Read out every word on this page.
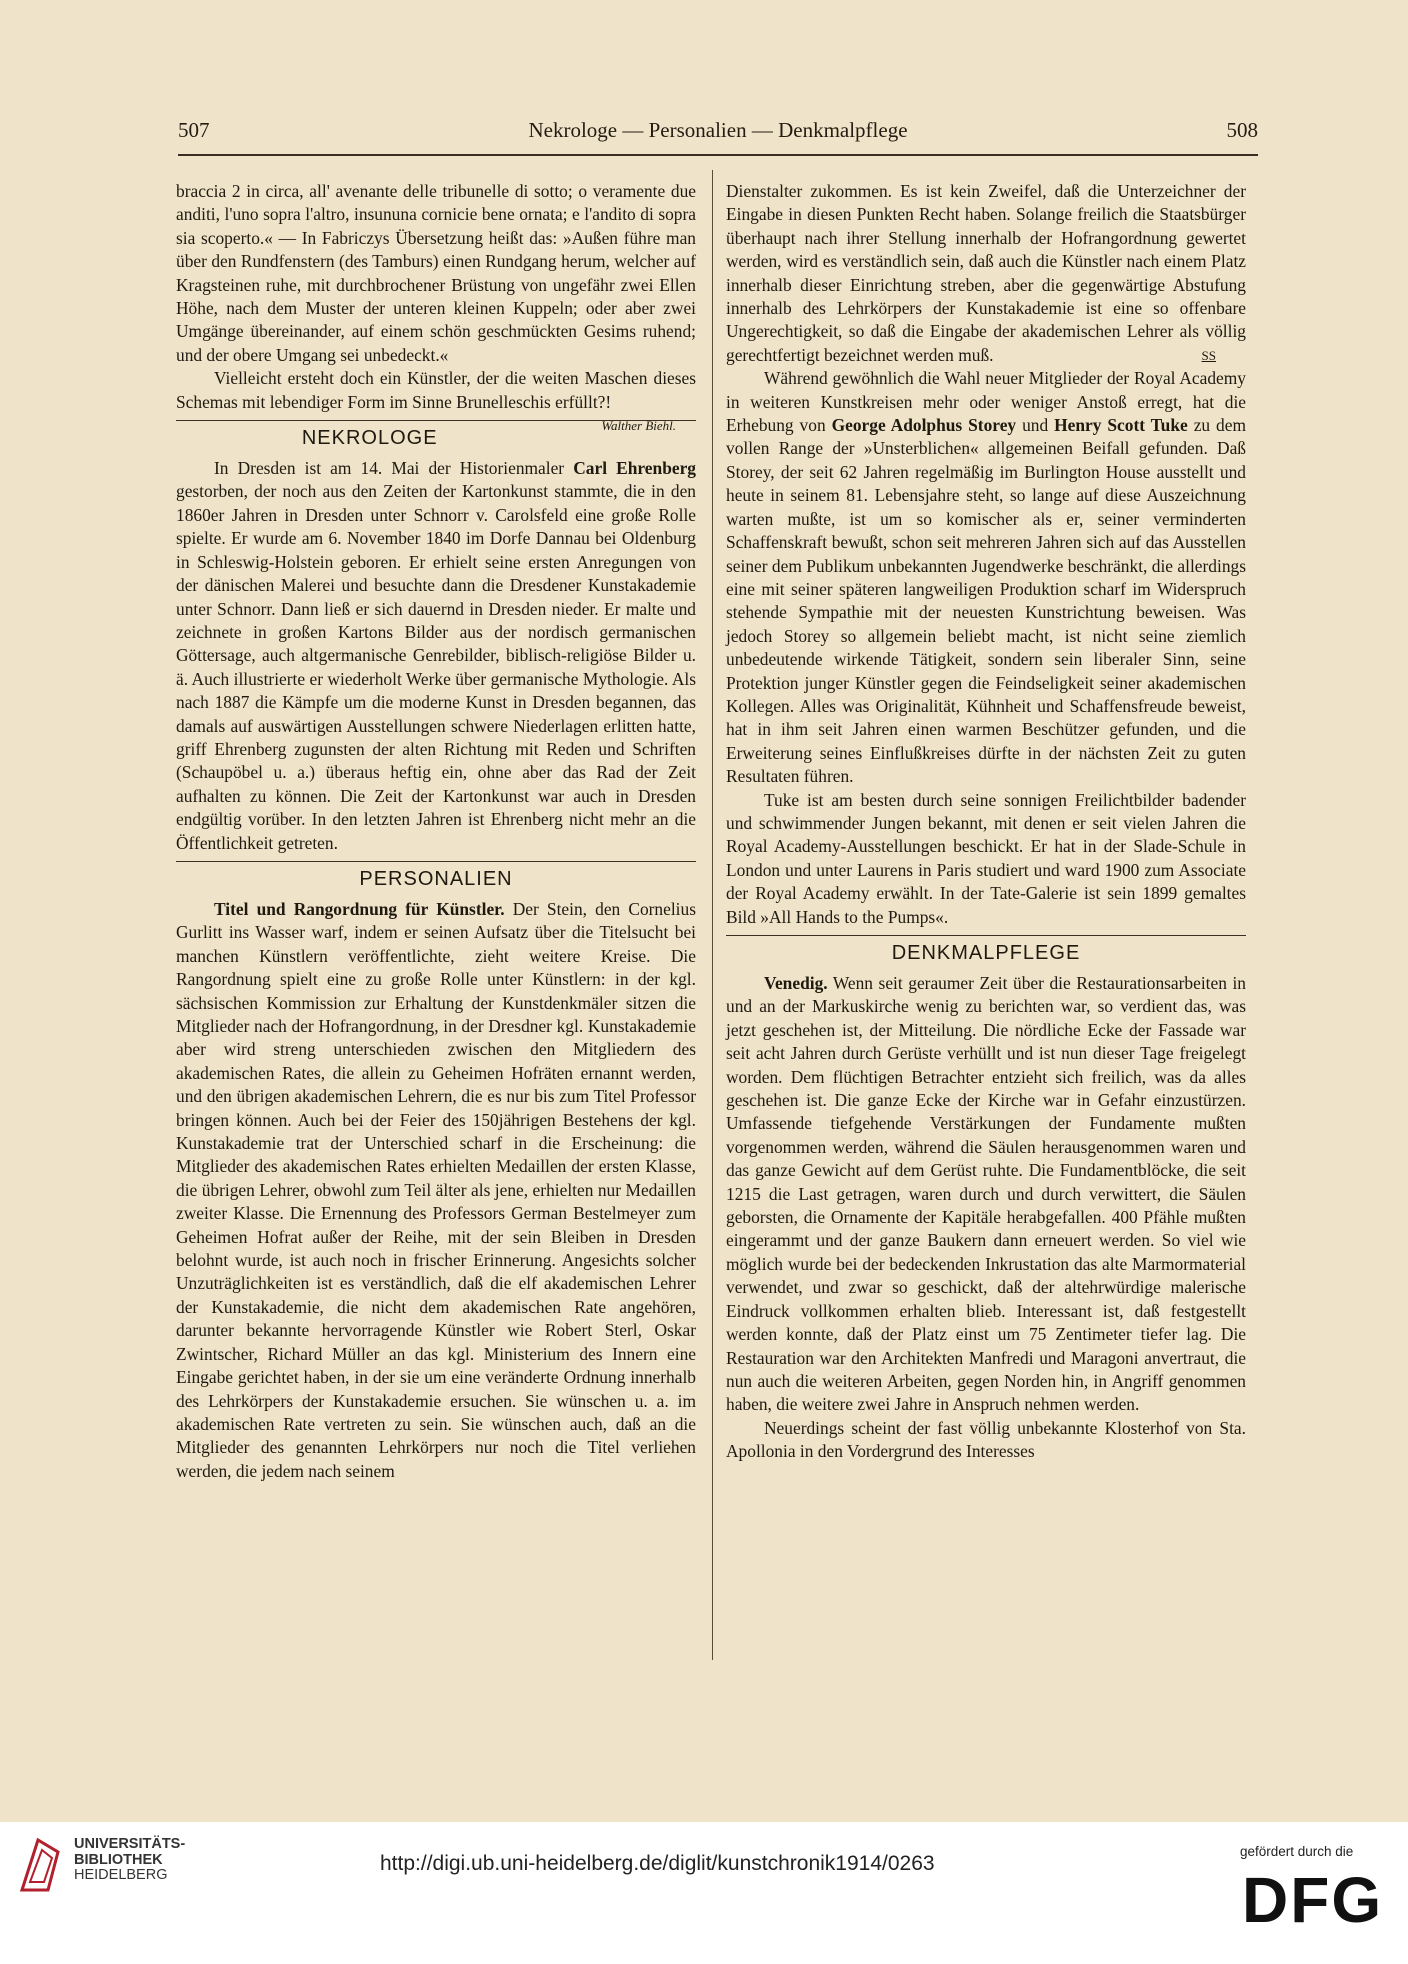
507	Nekrologe — Personalien — Denkmalpflege	508

braccia 2 in circa, all' avenante delle tribunelle di sotto; o veramente due anditi, l'uno sopra l'altro, insununa cornicie bene ornata; e l'andito di sopra sia scoperto.« — In Fabriczys Übersetzung heißt das: »Außen führe man über den Rundfenstern (des Tamburs) einen Rundgang herum, welcher auf Kragsteinen ruhe, mit durchbrochener Brüstung von ungefähr zwei Ellen Höhe, nach dem Muster der unteren kleinen Kuppeln; oder aber zwei Umgänge übereinander, auf einem schön geschmückten Gesims ruhend; und der obere Umgang sei unbedeckt.«

Vielleicht ersteht doch ein Künstler, der die weiten Maschen dieses Schemas mit lebendiger Form im Sinne Brunelleschis erfüllt?!
Walther Biehl.

NEKROLOGE

In Dresden ist am 14. Mai der Historienmaler Carl Ehrenberg gestorben, der noch aus den Zeiten der Kartonkunst stammte, die in den 1860er Jahren in Dresden unter Schnorr v. Carolsfeld eine große Rolle spielte. Er wurde am 6. November 1840 im Dorfe Dannau bei Oldenburg in Schleswig-Holstein geboren. Er erhielt seine ersten Anregungen von der dänischen Malerei und besuchte dann die Dresdener Kunstakademie unter Schnorr. Dann ließ er sich dauernd in Dresden nieder. Er malte und zeichnete in großen Kartons Bilder aus der nordisch germanischen Göttersage, auch altgermanische Genrebilder, biblisch-religiöse Bilder u. ä. Auch illustrierte er wiederholt Werke über germanische Mythologie. Als nach 1887 die Kämpfe um die moderne Kunst in Dresden begannen, das damals auf auswärtigen Ausstellungen schwere Niederlagen erlitten hatte, griff Ehrenberg zugunsten der alten Richtung mit Reden und Schriften (Schaupöbel u. a.) überaus heftig ein, ohne aber das Rad der Zeit aufhalten zu können. Die Zeit der Kartonkunst war auch in Dresden endgültig vorüber. In den letzten Jahren ist Ehrenberg nicht mehr an die Öffentlichkeit getreten.

PERSONALIEN

Titel und Rangordnung für Künstler. Der Stein, den Cornelius Gurlitt ins Wasser warf, indem er seinen Aufsatz über die Titelsucht bei manchen Künstlern veröffentlichte, zieht weitere Kreise. Die Rangordnung spielt eine zu große Rolle unter Künstlern: in der kgl. sächsischen Kommission zur Erhaltung der Kunstdenkmäler sitzen die Mitglieder nach der Hofrangordnung, in der Dresdner kgl. Kunstakademie aber wird streng unterschieden zwischen den Mitgliedern des akademischen Rates, die allein zu Geheimen Hofräten ernannt werden, und den übrigen akademischen Lehrern, die es nur bis zum Titel Professor bringen können. Auch bei der Feier des 150jährigen Bestehens der kgl. Kunstakademie trat der Unterschied scharf in die Erscheinung: die Mitglieder des akademischen Rates erhielten Medaillen der ersten Klasse, die übrigen Lehrer, obwohl zum Teil älter als jene, erhielten nur Medaillen zweiter Klasse. Die Ernennung des Professors German Bestelmeyer zum Geheimen Hofrat außer der Reihe, mit der sein Bleiben in Dresden belohnt wurde, ist auch noch in frischer Erinnerung. Angesichts solcher Unzuträglichkeiten ist es verständlich, daß die elf akademischen Lehrer der Kunstakademie, die nicht dem akademischen Rate angehören, darunter bekannte hervorragende Künstler wie Robert Sterl, Oskar Zwintscher, Richard Müller an das kgl. Ministerium des Innern eine Eingabe gerichtet haben, in der sie um eine veränderte Ordnung innerhalb des Lehrkörpers der Kunstakademie ersuchen. Sie wünschen u. a. im akademischen Rate vertreten zu sein. Sie wünschen auch, daß an die Mitglieder des genannten Lehrkörpers nur noch die Titel verliehen werden, die jedem nach seinem

Dienstalter zukommen. Es ist kein Zweifel, daß die Unterzeichner der Eingabe in diesen Punkten Recht haben. Solange freilich die Staatsbürger überhaupt nach ihrer Stellung innerhalb der Hofrangordnung gewertet werden, wird es verständlich sein, daß auch die Künstler nach einem Platz innerhalb dieser Einrichtung streben, aber die gegenwärtige Abstufung innerhalb des Lehrkörpers der Kunstakademie ist eine so offenbare Ungerechtigkeit, so daß die Eingabe der akademischen Lehrer als völlig gerechtfertigt bezeichnet werden muß.	SS

Während gewöhnlich die Wahl neuer Mitglieder der Royal Academy in weiteren Kunstkreisen mehr oder weniger Anstoß erregt, hat die Erhebung von George Adolphus Storey und Henry Scott Tuke zu dem vollen Range der »Unsterblichen« allgemeinen Beifall gefunden. Daß Storey, der seit 62 Jahren regelmäßig im Burlington House ausstellt und heute in seinem 81. Lebensjahre steht, so lange auf diese Auszeichnung warten mußte, ist um so komischer als er, seiner verminderten Schaffenskraft bewußt, schon seit mehreren Jahren sich auf das Ausstellen seiner dem Publikum unbekannten Jugendwerke beschränkt, die allerdings eine mit seiner späteren langweiligen Produktion scharf im Widerspruch stehende Sympathie mit der neuesten Kunstrichtung beweisen. Was jedoch Storey so allgemein beliebt macht, ist nicht seine ziemlich unbedeutende wirkende Tätigkeit, sondern sein liberaler Sinn, seine Protektion junger Künstler gegen die Feindseligkeit seiner akademischen Kollegen. Alles was Originalität, Kühnheit und Schaffensfreude beweist, hat in ihm seit Jahren einen warmen Beschützer gefunden, und die Erweiterung seines Einflußkreises dürfte in der nächsten Zeit zu guten Resultaten führen.

Tuke ist am besten durch seine sonnigen Freilichtbilder badender und schwimmender Jungen bekannt, mit denen er seit vielen Jahren die Royal Academy-Ausstellungen beschickt. Er hat in der Slade-Schule in London und unter Laurens in Paris studiert und ward 1900 zum Associate der Royal Academy erwählt. In der Tate-Galerie ist sein 1899 gemaltes Bild »All Hands to the Pumps«.

DENKMALPFLEGE

Venedig. Wenn seit geraumer Zeit über die Restaurationsarbeiten in und an der Markuskirche wenig zu berichten war, so verdient das, was jetzt geschehen ist, der Mitteilung. Die nördliche Ecke der Fassade war seit acht Jahren durch Gerüste verhüllt und ist nun dieser Tage freigelegt worden. Dem flüchtigen Betrachter entzieht sich freilich, was da alles geschehen ist. Die ganze Ecke der Kirche war in Gefahr einzustürzen. Umfassende tiefgehende Verstärkungen der Fundamente mußten vorgenommen werden, während die Säulen herausgenommen waren und das ganze Gewicht auf dem Gerüst ruhte. Die Fundamentblöcke, die seit 1215 die Last getragen, waren durch und durch verwittert, die Säulen geborsten, die Ornamente der Kapitäle herabgefallen. 400 Pfähle mußten eingerammt und der ganze Baukern dann erneuert werden. So viel wie möglich wurde bei der bedeckenden Inkrustation das alte Marmormaterial verwendet, und zwar so geschickt, daß der altehrwürdige malerische Eindruck vollkommen erhalten blieb. Interessant ist, daß festgestellt werden konnte, daß der Platz einst um 75 Zentimeter tiefer lag. Die Restauration war den Architekten Manfredi und Maragoni anvertraut, die nun auch die weiteren Arbeiten, gegen Norden hin, in Angriff genommen haben, die weitere zwei Jahre in Anspruch nehmen werden.

Neuerdings scheint der fast völlig unbekannte Klosterhof von Sta. Apollonia in den Vordergrund des Interesses

UNIVERSITÄTS-
BIBLIOTHEK
HEIDELBERG	http://digi.ub.uni-heidelberg.de/diglit/kunstchronik1914/0263
gefördert durch die
DFG
